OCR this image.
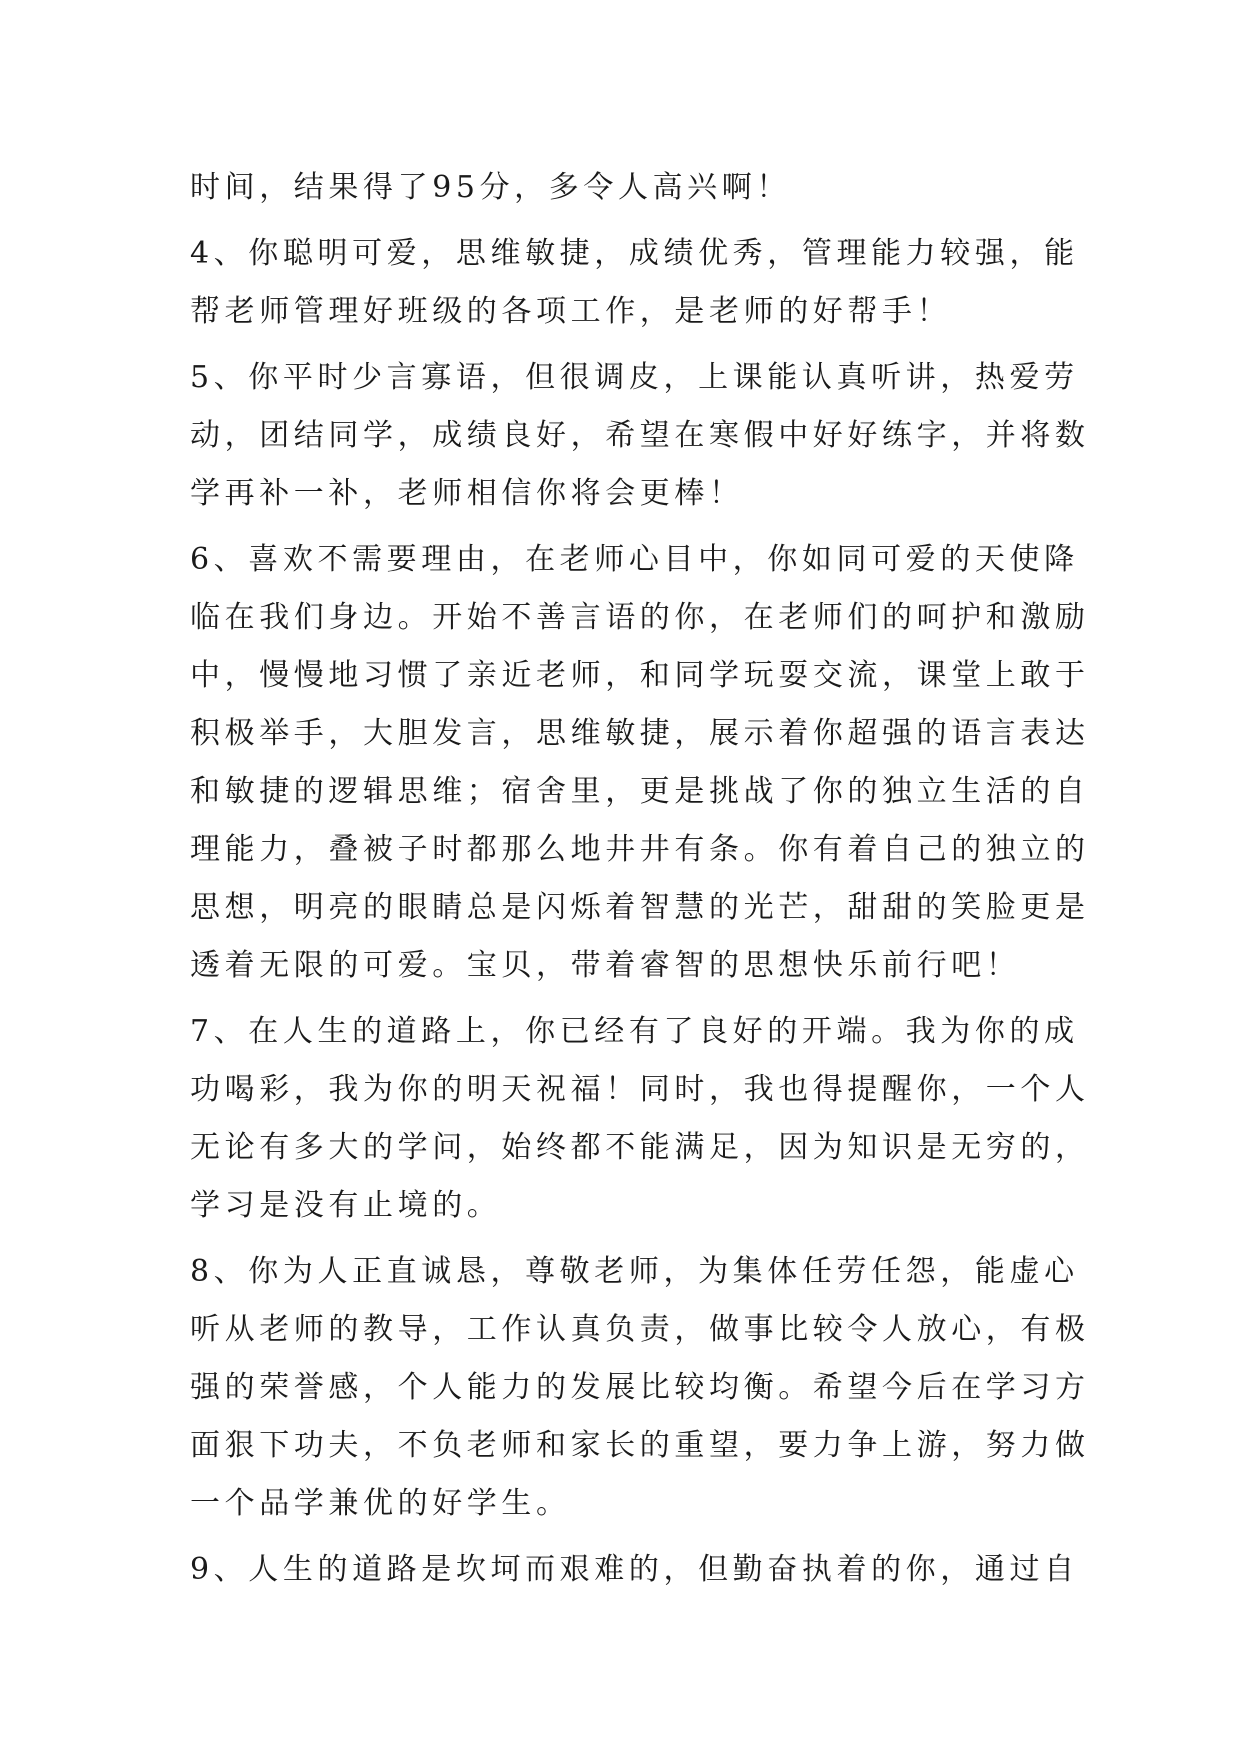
时间，结果得了95分，多令人高兴啊！
4、你聪明可爱，思维敏捷，成绩优秀，管理能力较强，能
帮老师管理好班级的各项工作，是老师的好帮手！
5、你平时少言寡语，但很调皮，上课能认真听讲，热爱劳
动，团结同学，成绩良好，希望在寒假中好好练字，并将数
学再补一补，老师相信你将会更棒！
6、喜欢不需要理由，在老师心目中，你如同可爱的天使降
临在我们身边。开始不善言语的你，在老师们的呵护和激励
中，慢慢地习惯了亲近老师，和同学玩耍交流，课堂上敢于
积极举手，大胆发言，思维敏捷，展示着你超强的语言表达
和敏捷的逻辑思维；宿舍里，更是挑战了你的独立生活的自
理能力，叠被子时都那么地井井有条。你有着自己的独立的
思想，明亮的眼睛总是闪烁着智慧的光芒，甜甜的笑脸更是
透着无限的可爱。宝贝，带着睿智的思想快乐前行吧！
7、在人生的道路上，你已经有了良好的开端。我为你的成
功喝彩，我为你的明天祝福！同时，我也得提醒你，一个人
无论有多大的学问，始终都不能满足，因为知识是无穷的，
学习是没有止境的。
8、你为人正直诚恳，尊敬老师，为集体任劳任怨，能虚心
听从老师的教导，工作认真负责，做事比较令人放心，有极
强的荣誉感，个人能力的发展比较均衡。希望今后在学习方
面狠下功夫，不负老师和家长的重望，要力争上游，努力做
一个品学兼优的好学生。
9、人生的道路是坎坷而艰难的，但勤奋执着的你，通过自
